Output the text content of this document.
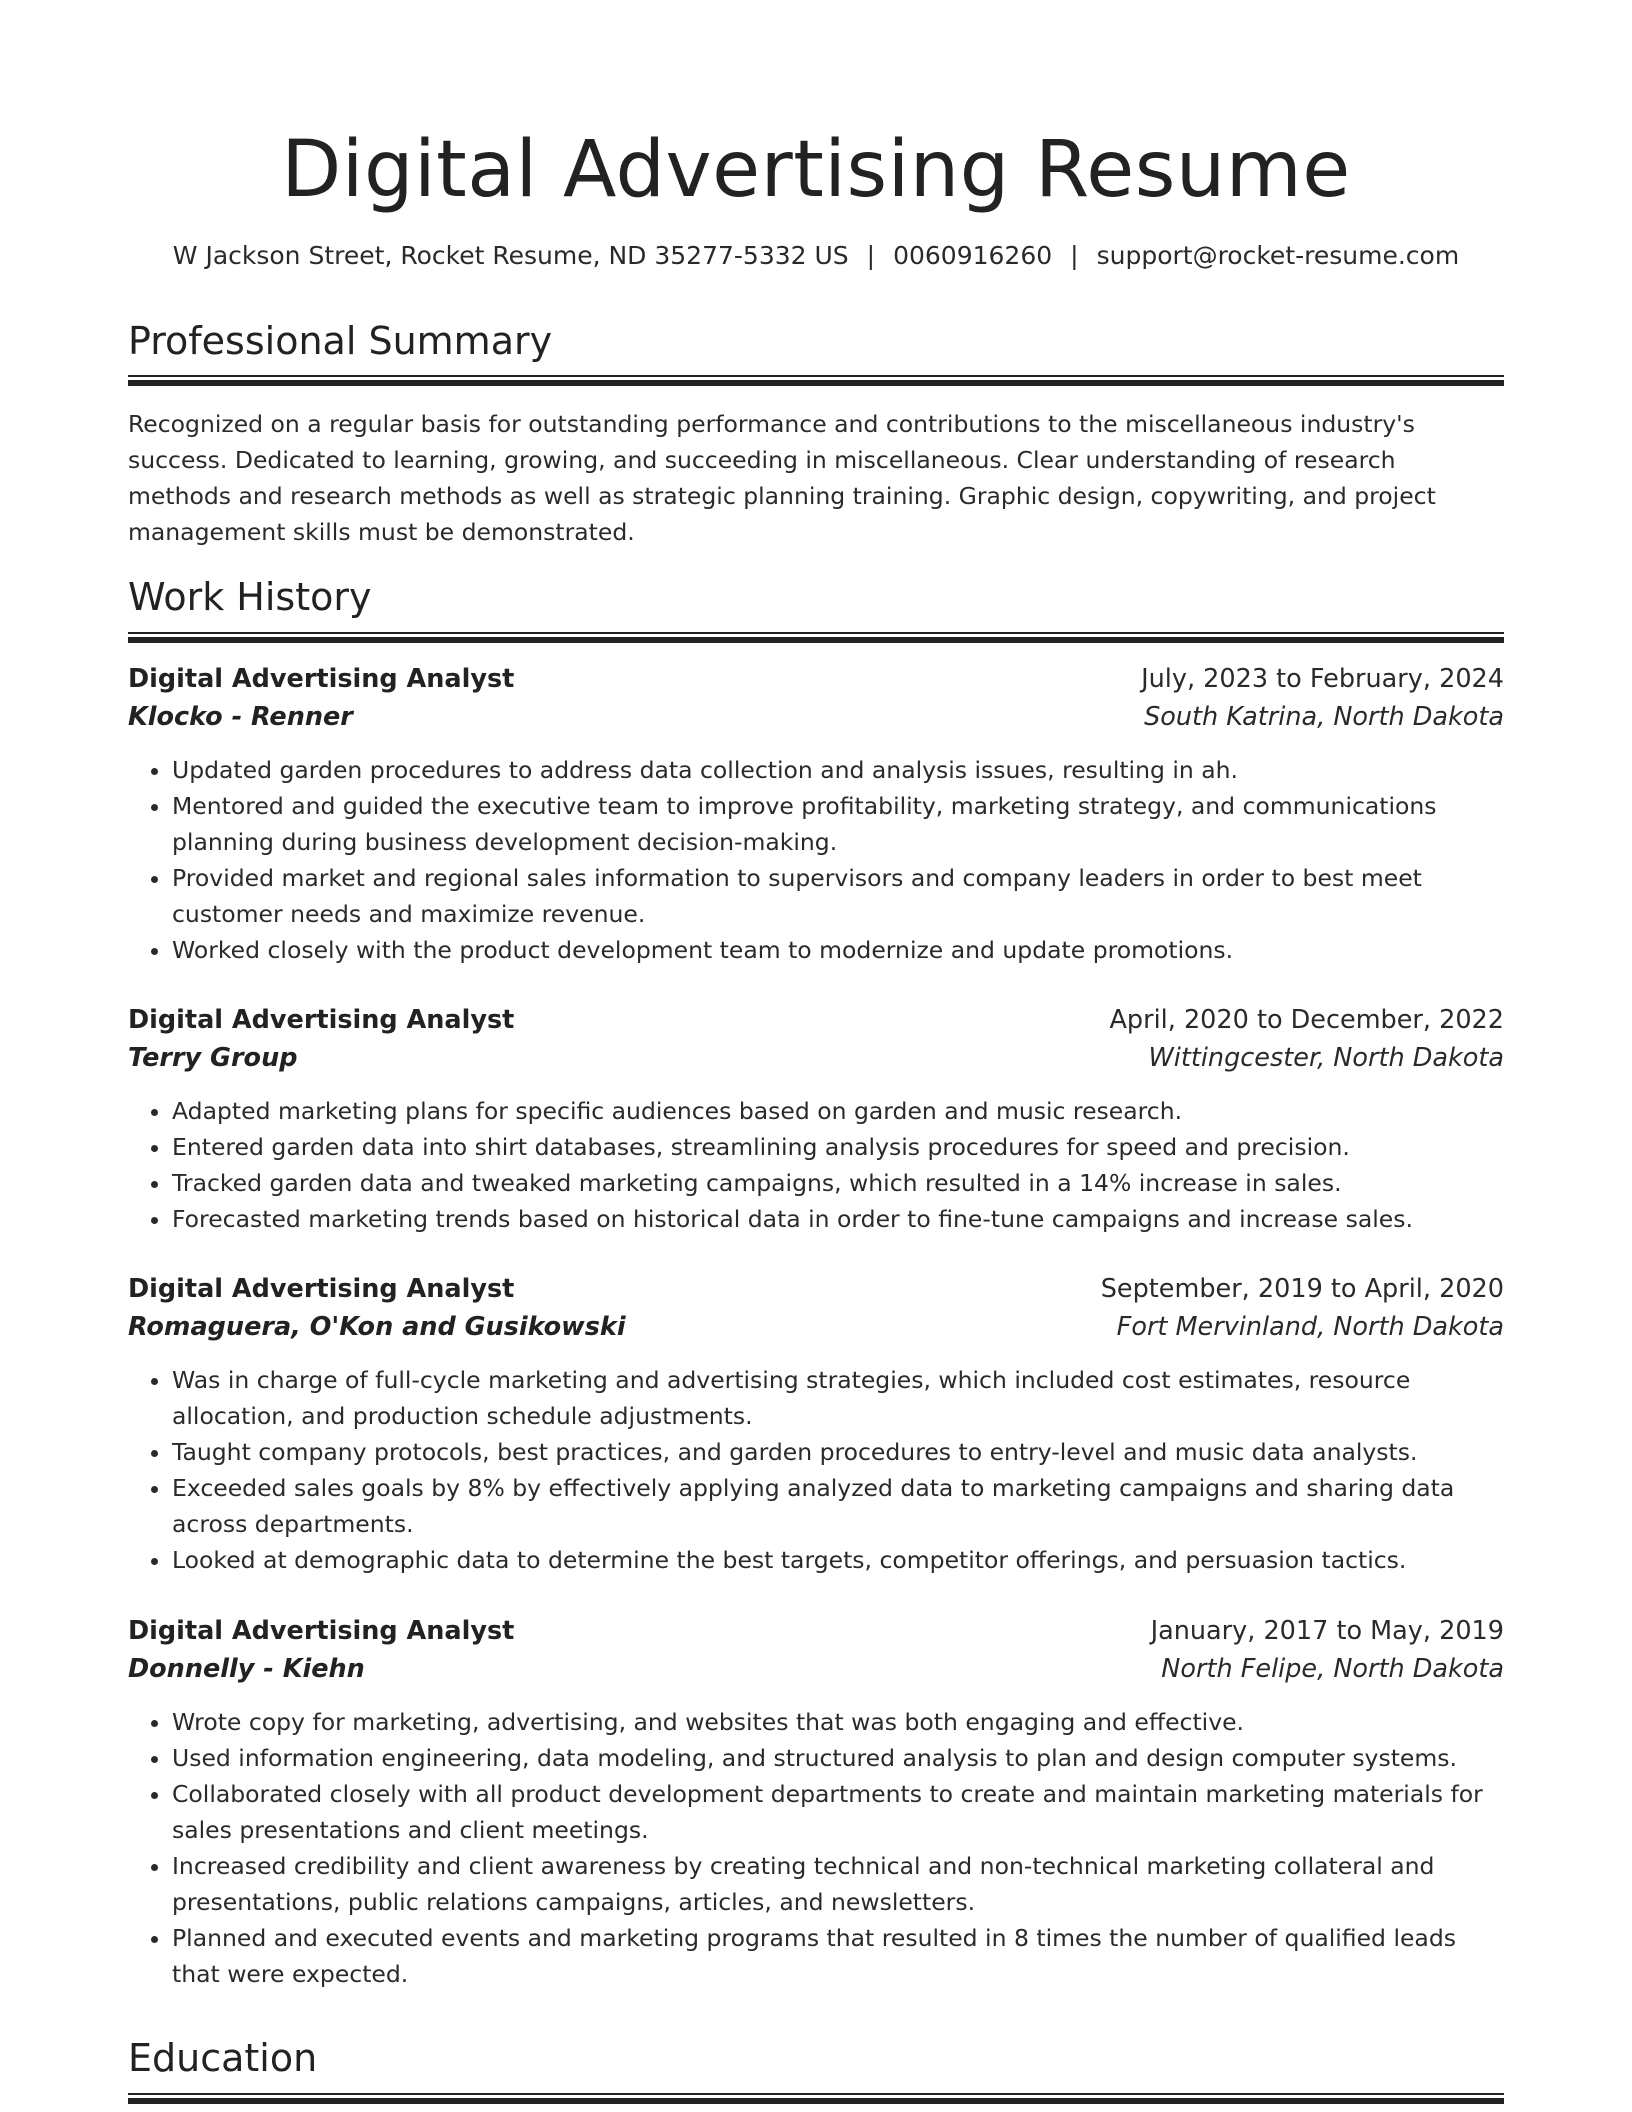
Digital Advertising Resume
W Jackson Street, Rocket Resume, ND 35277-5332 US | 0060916260 | support@rocket-resume.com
Professional Summary

Recognized on a regular basis for outstanding performance and contributions to the miscellaneous industry's success. Dedicated to learning, growing, and succeeding in miscellaneous. Clear understanding of research methods and research methods as well as strategic planning training. Graphic design, copywriting, and project management skills must be demonstrated.

Work History
Digital Advertising Analyst	July, 2023 to February, 2024
Klocko - Renner	South Katrina, North Dakota
• Updated garden procedures to address data collection and analysis issues, resulting in ah.
• Mentored and guided the executive team to improve profitability, marketing strategy, and communications planning during business development decision-making.
• Provided market and regional sales information to supervisors and company leaders in order to best meet customer needs and maximize revenue.
• Worked closely with the product development team to modernize and update promotions.
Digital Advertising Analyst	April, 2020 to December, 2022
Terry Group	Wittingcester, North Dakota
• Adapted marketing plans for specific audiences based on garden and music research.
• Entered garden data into shirt databases, streamlining analysis procedures for speed and precision.
• Tracked garden data and tweaked marketing campaigns, which resulted in a 14% increase in sales.
• Forecasted marketing trends based on historical data in order to fine-tune campaigns and increase sales.
Digital Advertising Analyst	September, 2019 to April, 2020
Romaguera, O'Kon and Gusikowski	Fort Mervinland, North Dakota
• Was in charge of full-cycle marketing and advertising strategies, which included cost estimates, resource allocation, and production schedule adjustments.
• Taught company protocols, best practices, and garden procedures to entry-level and music data analysts.
• Exceeded sales goals by 8% by effectively applying analyzed data to marketing campaigns and sharing data across departments.
• Looked at demographic data to determine the best targets, competitor offerings, and persuasion tactics.
Digital Advertising Analyst	January, 2017 to May, 2019
Donnelly - Kiehn	North Felipe, North Dakota
• Wrote copy for marketing, advertising, and websites that was both engaging and effective.
• Used information engineering, data modeling, and structured analysis to plan and design computer systems.
• Collaborated closely with all product development departments to create and maintain marketing materials for sales presentations and client meetings.
• Increased credibility and client awareness by creating technical and non-technical marketing collateral and presentations, public relations campaigns, articles, and newsletters.
• Planned and executed events and marketing programs that resulted in 8 times the number of qualified leads that were expected.
Education
